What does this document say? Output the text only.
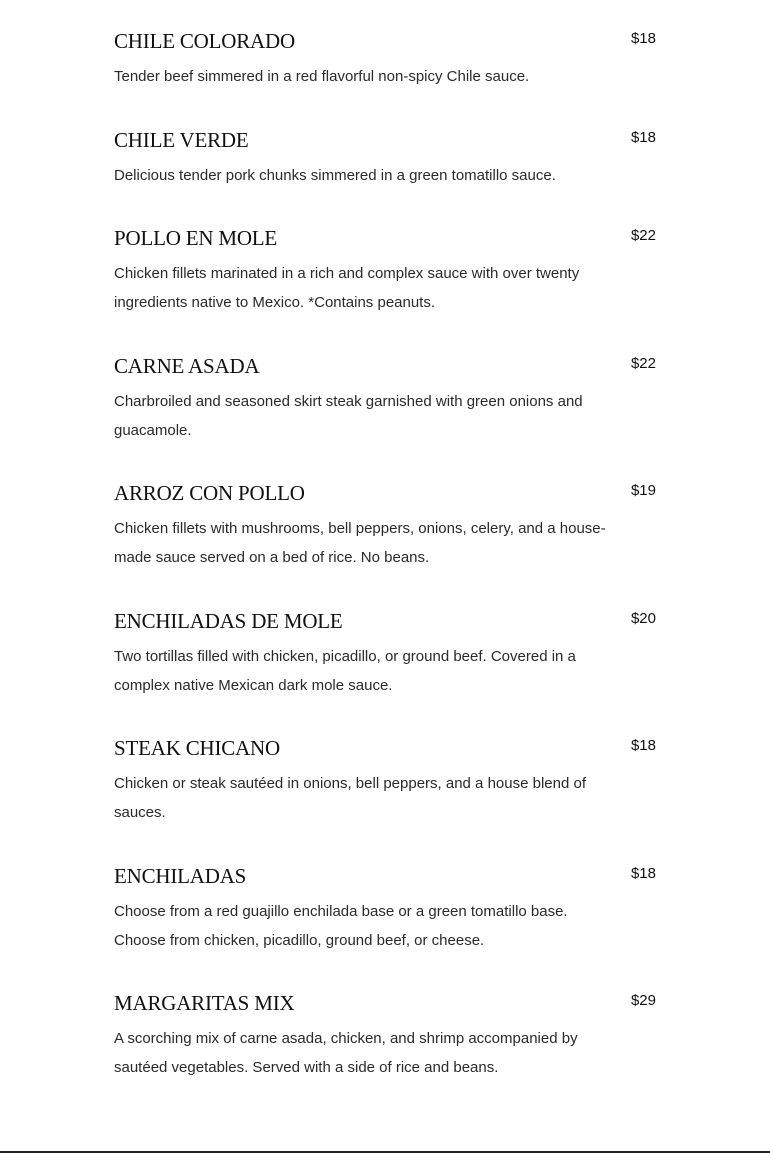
CHILE COLORADO	$18

Tender beef simmered in a red flavorful non-spicy Chile sauce.

CHILE VERDE	$18

Delicious tender pork chunks simmered in a green tomatillo sauce.

POLLO EN MOLE	$22

Chicken fillets marinated in a rich and complex sauce with over twenty ingredients native to Mexico. *Contains peanuts.

CARNE ASADA	$22

Charbroiled and seasoned skirt steak garnished with green onions and guacamole.

ARROZ CON POLLO	$19

Chicken fillets with mushrooms, bell peppers, onions, celery, and a house-made sauce served on a bed of rice. No beans.

ENCHILADAS DE MOLE	$20

Two tortillas filled with chicken, picadillo, or ground beef. Covered in a complex native Mexican dark mole sauce.

STEAK CHICANO	$18

Chicken or steak sautéed in onions, bell peppers, and a house blend of sauces.

ENCHILADAS	$18

Choose from a red guajillo enchilada base or a green tomatillo base. Choose from chicken, picadillo, ground beef, or cheese.

MARGARITAS MIX	$29

A scorching mix of carne asada, chicken, and shrimp accompanied by sautéed vegetables. Served with a side of rice and beans.
